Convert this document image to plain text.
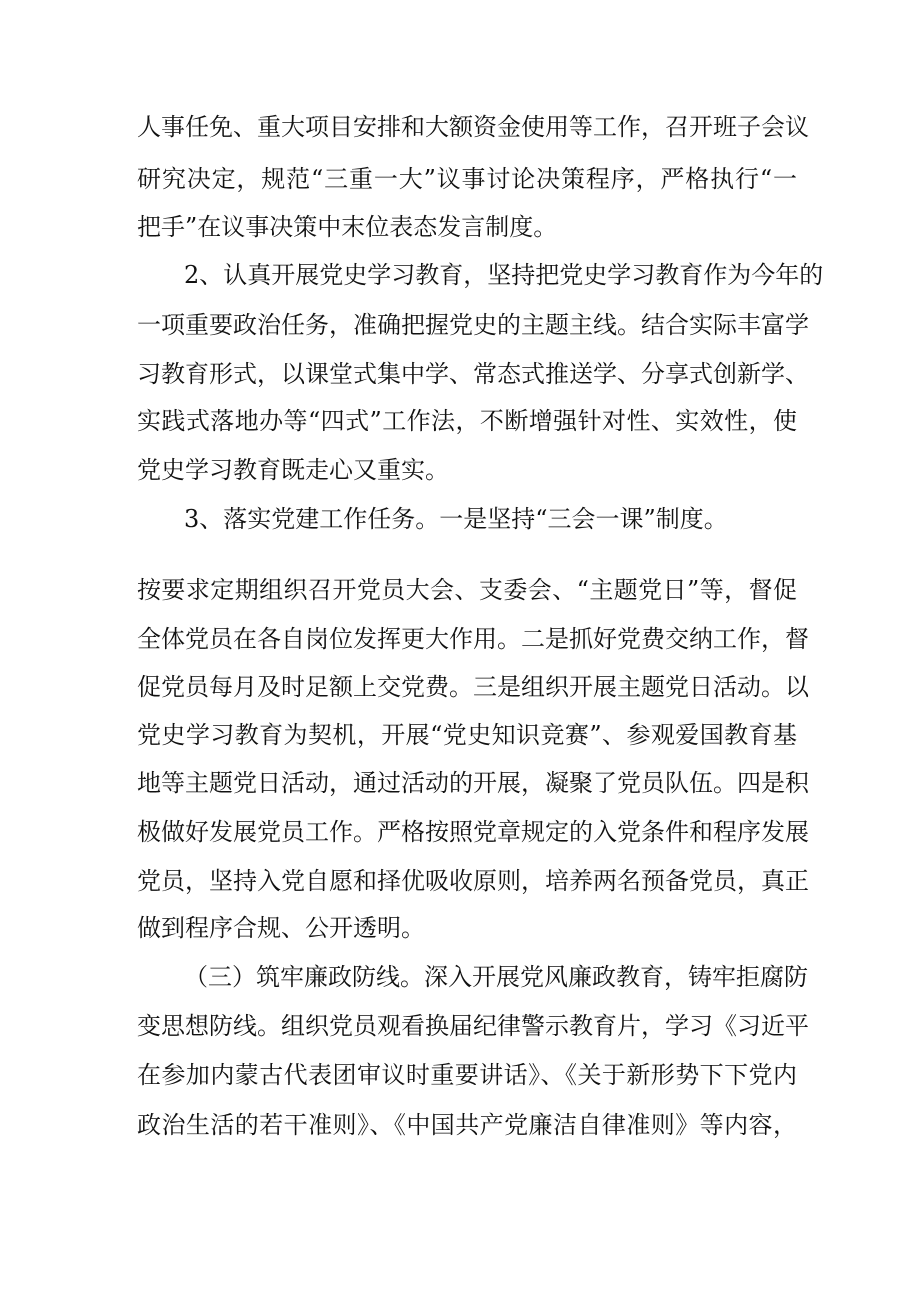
人事任免、重大项目安排和大额资金使用等工作，召开班子会议
研究决定，规范“三重一大”议事讨论决策程序，严格执行“一
把手”在议事决策中末位表态发言制度。
2、认真开展党史学习教育，坚持把党史学习教育作为今年的
一项重要政治任务，准确把握党史的主题主线。结合实际丰富学
习教育形式，以课堂式集中学、常态式推送学、分享式创新学、
实践式落地办等“四式”工作法，不断增强针对性、实效性，使
党史学习教育既走心又重实。
3、落实党建工作任务。一是坚持“三会一课”制度。
按要求定期组织召开党员大会、支委会、“主题党日”等，督促
全体党员在各自岗位发挥更大作用。二是抓好党费交纳工作，督
促党员每月及时足额上交党费。三是组织开展主题党日活动。以
党史学习教育为契机，开展“党史知识竞赛”、参观爱国教育基
地等主题党日活动，通过活动的开展，凝聚了党员队伍。四是积
极做好发展党员工作。严格按照党章规定的入党条件和程序发展
党员，坚持入党自愿和择优吸收原则，培养两名预备党员，真正
做到程序合规、公开透明。
（三）筑牢廉政防线。深入开展党风廉政教育，铸牢拒腐防
变思想防线。组织党员观看换届纪律警示教育片，学习《习近平
在参加内蒙古代表团审议时重要讲话》、《关于新形势下下党内
政治生活的若干准则》、《中国共产党廉洁自律准则》等内容，
